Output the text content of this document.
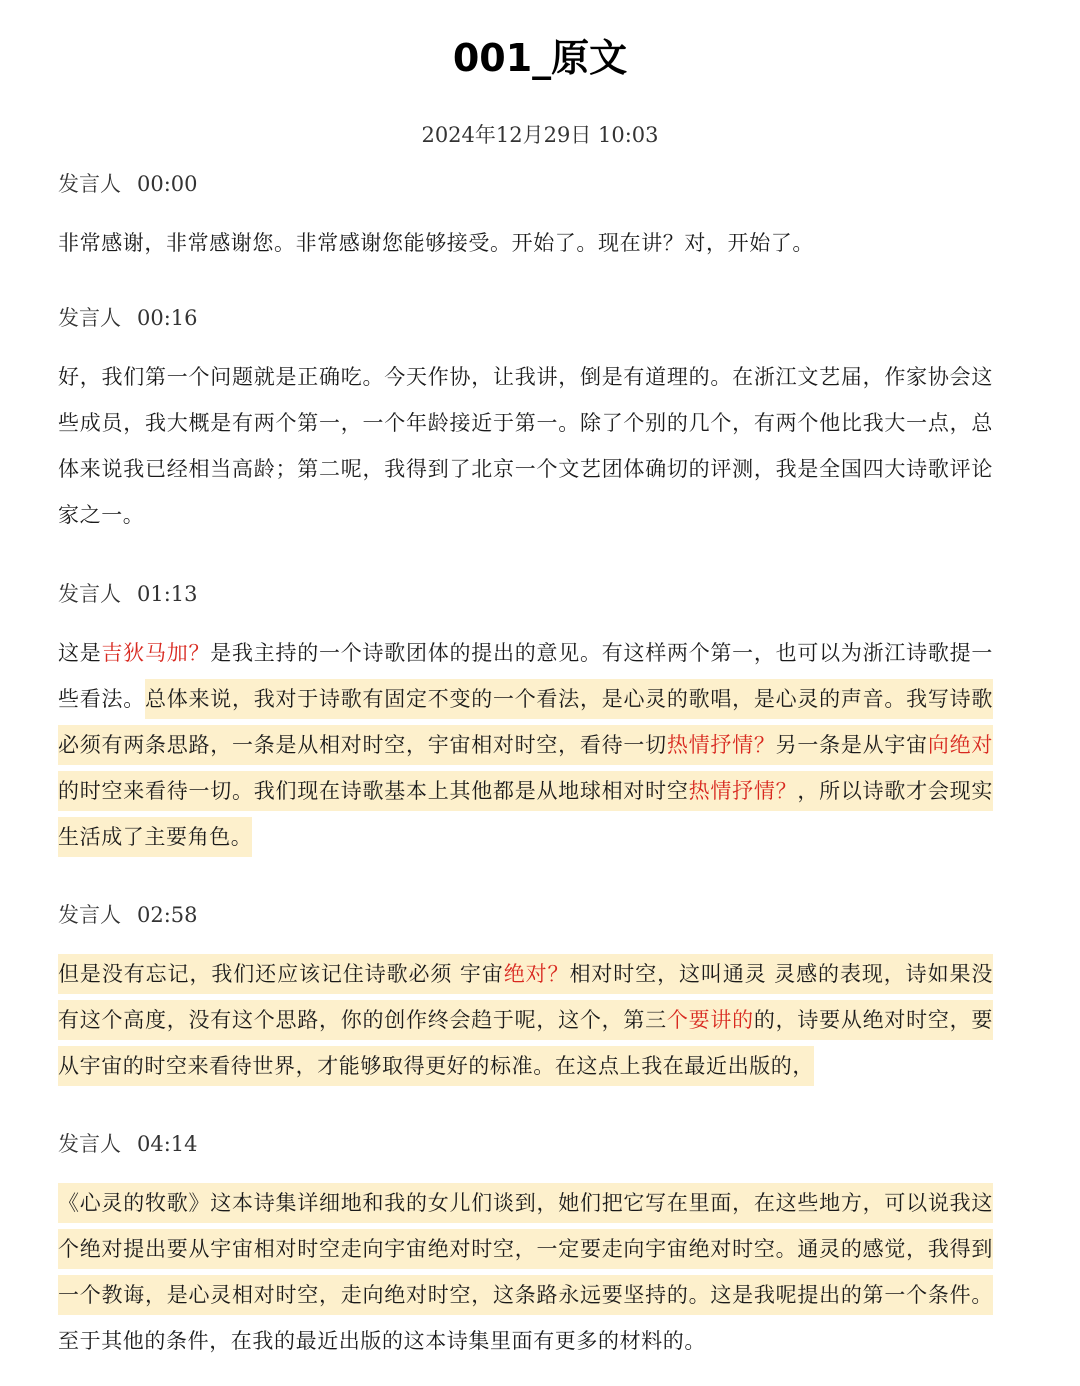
001_原文
2024年12月29日 10:03
发言人 00:00
非常感谢，非常感谢您。非常感谢您能够接受。开始了。现在讲？对，开始了。
发言人 00:16
好，我们第一个问题就是正确吃。今天作协，让我讲，倒是有道理的。在浙江文艺届，作家协会这些成员，我大概是有两个第一，一个年龄接近于第一。除了个别的几个，有两个他比我大一点，总体来说我已经相当高龄；第二呢，我得到了北京一个文艺团体确切的评测，我是全国四大诗歌评论家之一。
发言人 01:13
这是吉狄马加？是我主持的一个诗歌团体的提出的意见。有这样两个第一，也可以为浙江诗歌提一些看法。总体来说，我对于诗歌有固定不变的一个看法，是心灵的歌唱，是心灵的声音。我写诗歌必须有两条思路，一条是从相对时空，宇宙相对时空，看待一切热情抒情？另一条是从宇宙向绝对的时空来看待一切。我们现在诗歌基本上其他都是从地球相对时空热情抒情？，所以诗歌才会现实生活成了主要角色。
发言人 02:58
但是没有忘记，我们还应该记住诗歌必须 宇宙绝对？相对时空，这叫通灵 灵感的表现，诗如果没有这个高度，没有这个思路，你的创作终会趋于呢，这个，第三个要讲的的，诗要从绝对时空，要从宇宙的时空来看待世界，才能够取得更好的标准。在这点上我在最近出版的，
发言人 04:14
《心灵的牧歌》这本诗集详细地和我的女儿们谈到，她们把它写在里面，在这些地方，可以说我这个绝对提出要从宇宙相对时空走向宇宙绝对时空，一定要走向宇宙绝对时空。通灵的感觉，我得到一个教诲，是心灵相对时空，走向绝对时空，这条路永远要坚持的。这是我呢提出的第一个条件。至于其他的条件，在我的最近出版的这本诗集里面有更多的材料的。
